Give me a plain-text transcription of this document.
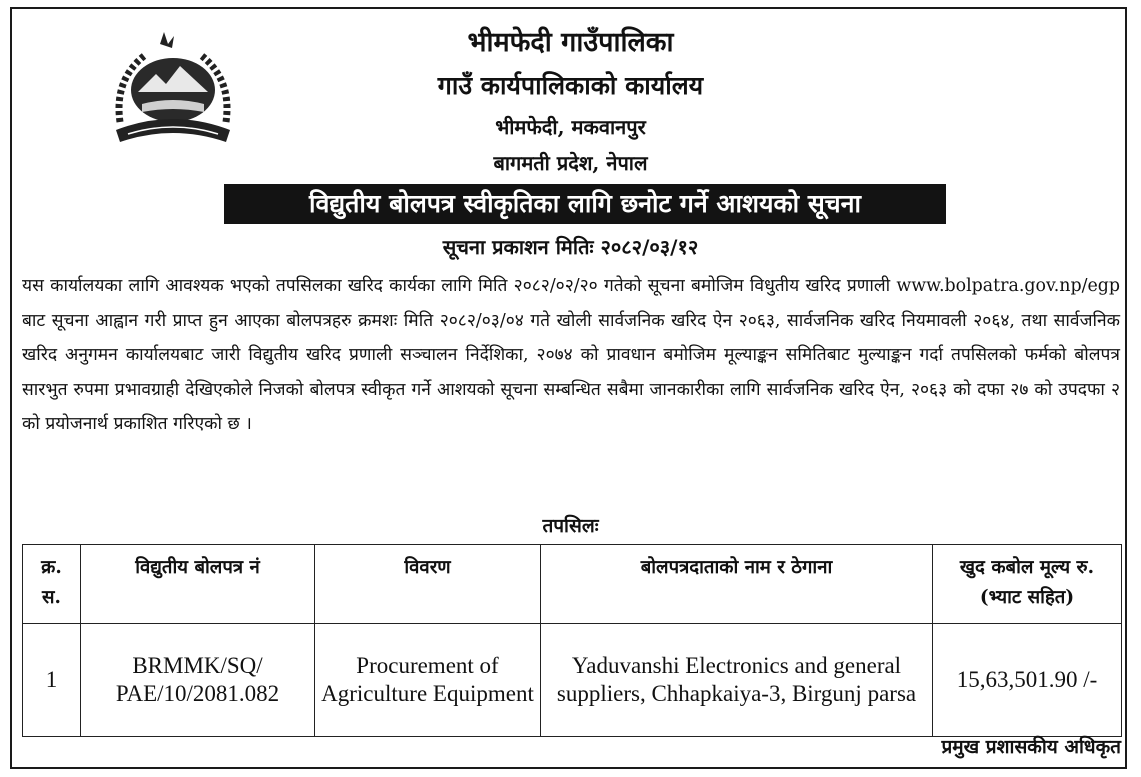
भीमफेदी गाउँपालिका
गाउँ कार्यपालिकाको कार्यालय
भीमफेदी, मकवानपुर
बागमती प्रदेश, नेपाल
विद्युतीय बोलपत्र स्वीकृतिका लागि छनोट गर्ने आशयको सूचना
सूचना प्रकाशन मितिः २०८२/०३/१२

यस कार्यालयका लागि आवश्यक भएको तपसिलका खरिद कार्यका लागि मिति २०८२/०२/२० गतेको सूचना बमोजिम विधुतीय खरिद प्रणाली www.bolpatra.gov.np/egp बाट सूचना आह्वान गरी प्राप्त हुन आएका बोलपत्रहरु क्रमशः मिति २०८२/०३/०४ गते खोली सार्वजनिक खरिद ऐन २०६३, सार्वजनिक खरिद नियमावली २०६४, तथा सार्वजनिक खरिद अनुगमन कार्यालयबाट जारी विद्युतीय खरिद प्रणाली सञ्चालन निर्देशिका, २०७४ को प्रावधान बमोजिम मूल्याङ्कन समितिबाट मुल्याङ्कन गर्दा तपसिलको फर्मको बोलपत्र सारभुत रुपमा प्रभावग्राही देखिएकोले निजको बोलपत्र स्वीकृत गर्ने आशयको सूचना सम्बन्धित सबैमा जानकारीका लागि सार्वजनिक खरिद ऐन, २०६३ को दफा २७ को उपदफा २ को प्रयोजनार्थ प्रकाशित गरिएको छ ।

तपसिलः
क्र. स.	विद्युतीय बोलपत्र नं	विवरण	बोलपत्रदाताको नाम र ठेगाना	खुद कबोल मूल्य रु. (भ्याट सहित)
1	BRMMK/SQ/ PAE/10/2081.082	Procurement of Agriculture Equipment	Yaduvanshi Electronics and general suppliers, Chhapkaiya-3, Birgunj parsa	15,63,501.90 /-
प्रमुख प्रशासकीय अधिकृत
